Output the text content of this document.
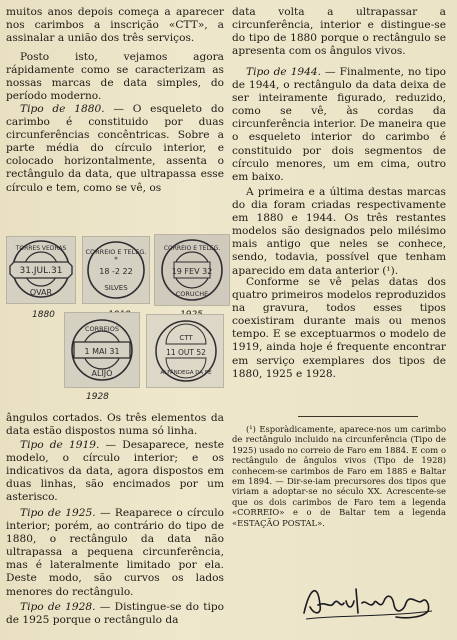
muitos anos depois começa a aparecer nos carimbos a inscrição «CTT», a assinalar a união dos três serviços.

Posto isto, vejamos agora rápidamente como se caracterizam as nossas marcas de data simples, do período moderno.

Tipo de 1880. — O esqueleto do carimbo é constituido por duas circunferências concêntricas. Sobre a parte média do círculo interior, e colocado horizontalmente, assenta o rectângulo da data, que ultrapassa esse círculo e tem, como se vê, os

ângulos cortados. Os três elementos da data estão dispostos numa só linha.

Tipo de 1919. — Desaparece, neste modelo, o círculo interior; e os indicativos da data, agora dispostos em duas linhas, são encimados por um asterisco.

Tipo de 1925. — Reaparece o círculo interior; porém, ao contrário do tipo de 1880, o rectângulo da data não ultrapassa a pequena circunferência, mas é lateralmente limitado por ela. Deste modo, são curvos os lados menores do rectângulo.

Tipo de 1928. — Distingue-se do tipo de 1925 porque o rectângulo da

31.JUL.31
OVAR
TORRES VEDRAS
1880
CORREIO E TELEG.
*
18 -2 22
SILVES
19 FEV 32
CORREIO E TELEG.
CORUCHE
1 MAI 31
CORREIOS
ALIJÓ
1928
CTT
11 OUT 52
ALFÂNDEGA DA FÉ

data volta a ultrapassar a circunferência, interior e distingue-se do tipo de 1880 porque o rectângulo se apresenta com os ângulos vivos.

Tipo de 1944. — Finalmente, no tipo de 1944, o rectângulo da data deixa de ser inteiramente figurado, reduzido, como se vê, às cordas da circunferência interior. De maneira que o esqueleto interior do carimbo é constituido por dois segmentos de círculo menores, um em cima, outro em baixo.

A primeira e a última destas marcas do dia foram criadas respectivamente em 1880 e 1944. Os três restantes modelos são designados pelo milésimo mais antigo que neles se conhece, sendo, todavia, possível que tenham aparecido em data anterior (¹).

Conforme se vê pelas datas dos quatro primeiros modelos reproduzidos na gravura, todos esses tipos coexistiram durante mais ou menos tempo. E se exceptuarmos o modelo de 1919, ainda hoje é frequente encontrar em serviço exemplares dos tipos de 1880, 1925 e 1928.

(¹) Esporàdicamente, aparece-nos um carimbo de rectângulo incluido na circunferência (Tipo de 1925) usado no correio de Faro em 1884. E com o rectângulo de ângulos vivos (Tipo de 1928) conhecem-se carimbos de Faro em 1885 e Baltar em 1894. — Dir-se-iam precursores dos tipos que viriam a adoptar-se no século XX. Acrescente-se que os dois carimbos de Faro tem a legenda «CORREIO» e o de Baltar tem a legenda «ESTAÇÃO POSTAL».
